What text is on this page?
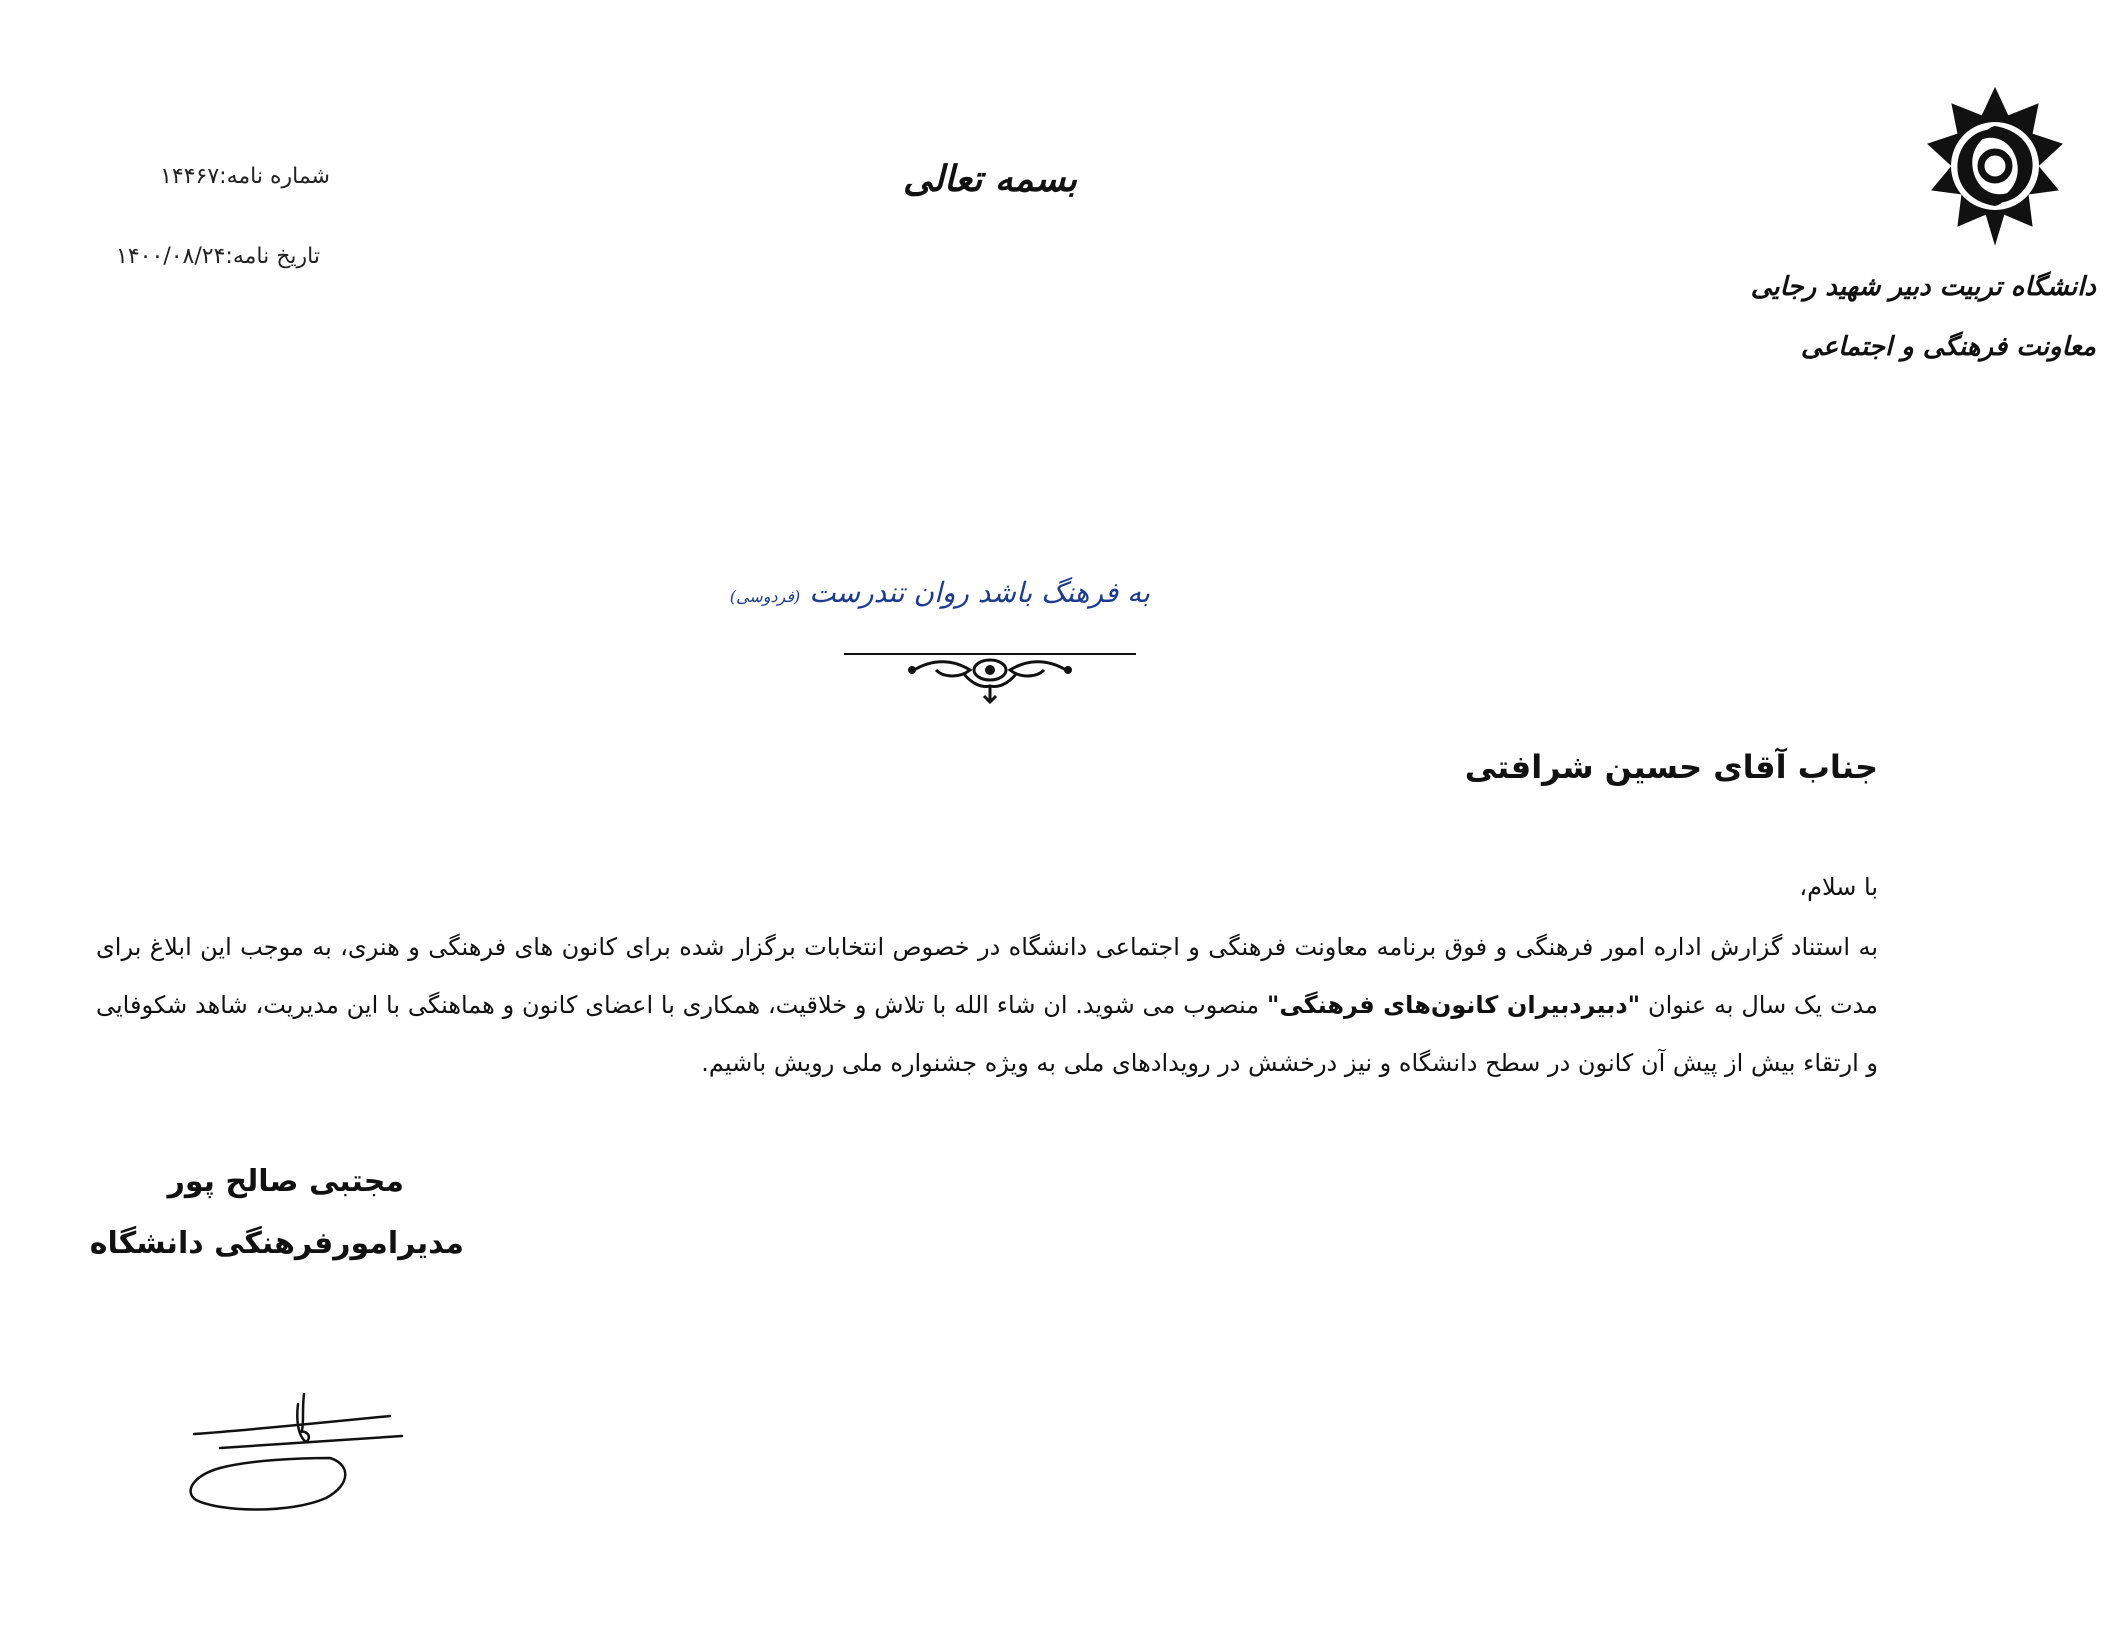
شماره نامه:۱۴۴۶۷
تاریخ نامه:۱۴۰۰/۰۸/۲۴
بسمه تعالی
دانشگاه تربیت دبیر شهید رجایی
معاونت فرهنگی و اجتماعی
به فرهنگ باشد روان تندرست (فردوسی)
جناب آقای حسین شرافتی
با سلام،
به استناد گزارش اداره امور فرهنگی و فوق برنامه معاونت فرهنگی و اجتماعی دانشگاه در خصوص انتخابات برگزار شده برای کانون های فرهنگی و هنری، به موجب این ابلاغ برای مدت یک سال به عنوان "دبیردبیران کانون‌های فرهنگی" منصوب می شوید. ان شاء الله با تلاش و خلاقیت، همکاری با اعضای کانون و هماهنگی با این مدیریت، شاهد شکوفایی و ارتقاء بیش از پیش آن کانون در سطح دانشگاه و نیز درخشش در رویدادهای ملی به ویژه جشنواره ملی رویش باشیم.
مجتبی صالح پور
مدیرامورفرهنگی دانشگاه
